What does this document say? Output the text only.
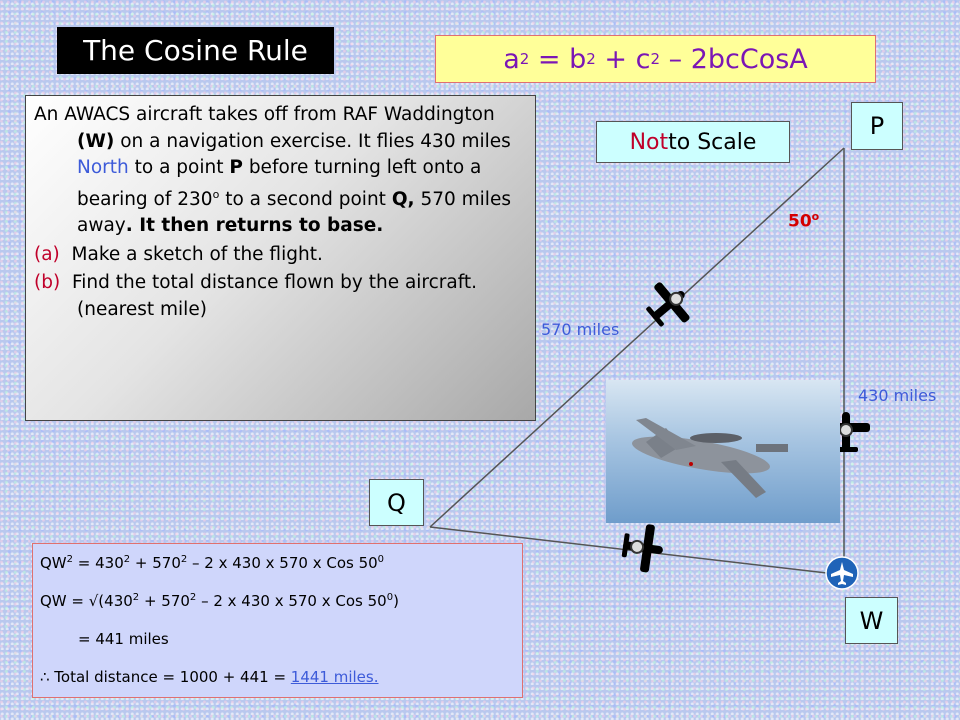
The Cosine Rule	a 2 = b 2 + c 2
– 2bcCosA

An AWACS aircraft takes off from RAF Waddington (W) on a navigation exercise. It flies 430 miles North to a point P before turning left onto a bearing of 230$^o$ to a second point Q, 570 miles away. It then returns to base.

(a) Make a sketch of the flight.

(b) Find the total distance flown by the aircraft. (nearest mile)

Not to Scale
P
Q
W
570 miles
430 miles
50$^o$
$QW^2 = 430^2 + 570^2 - 2$ x 430 x 570 x Cos $50^0$
QW = $√(430^2 + 570^2 - 2$ x 430 x 570 x Cos $50^0$)
= 441 miles
∴ Total distance = 1000 + 441 = 1441 miles.
